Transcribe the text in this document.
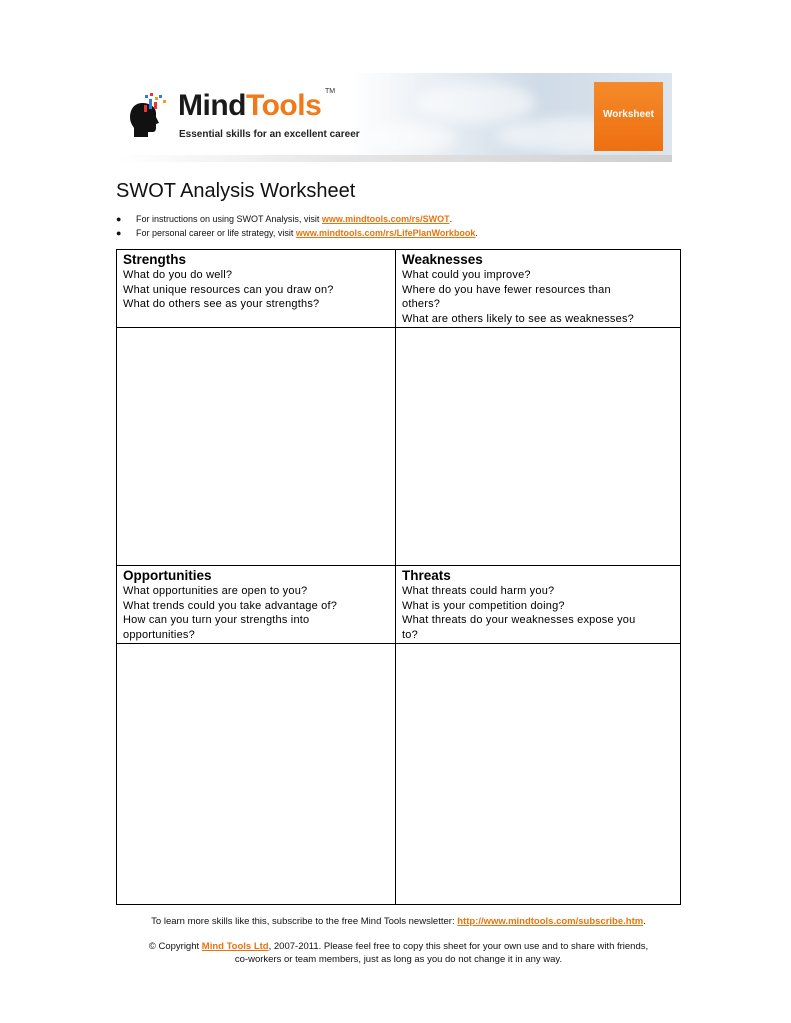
MindTools TM
Essential skills for an excellent career
Worksheet
SWOT Analysis Worksheet
●	For instructions on using SWOT Analysis, visit www.mindtools.com/rs/SWOT.
●	For personal career or life strategy, visit www.mindtools.com/rs/LifePlanWorkbook.
Strengths
What do you do well?
What unique resources can you draw on?
What do others see as your strengths?
Weaknesses
What could you improve?
Where do you have fewer resources than
others?
What are others likely to see as weaknesses?
Opportunities
What opportunities are open to you?
What trends could you take advantage of?
How can you turn your strengths into
opportunities?
Threats
What threats could harm you?
What is your competition doing?
What threats do your weaknesses expose you
to?
To learn more skills like this, subscribe to the free Mind Tools newsletter: http://www.mindtools.com/subscribe.htm.
© Copyright Mind Tools Ltd, 2007-2011. Please feel free to copy this sheet for your own use and to share with friends,
co-workers or team members, just as long as you do not change it in any way.
